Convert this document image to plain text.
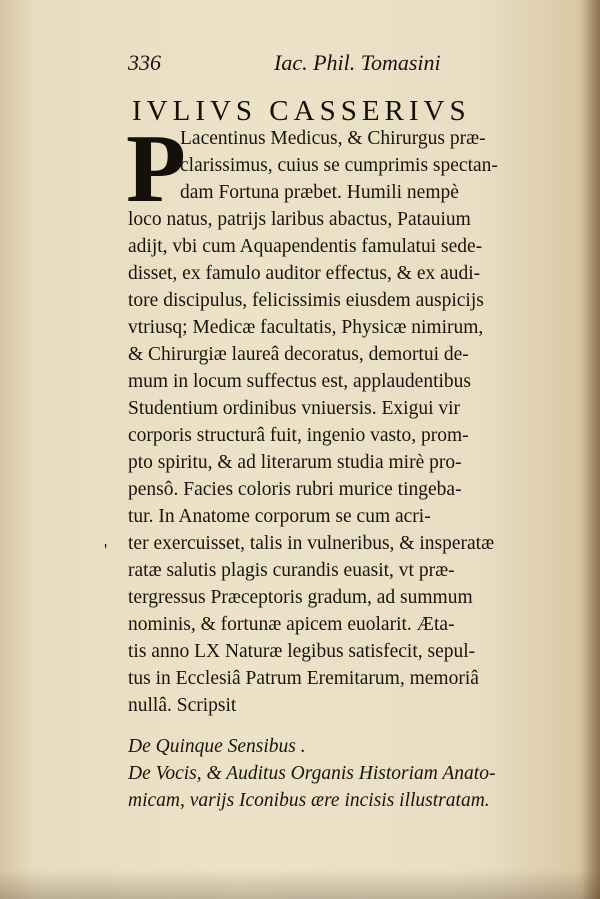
336	Iac. Phil. Tomasini
IVLIVS CASSERIVS
P
'
Lacentinus Medicus, & Chirurgus præ-
clarissimus, cuius se cumprimis spectan-
dam Fortuna præbet. Humili nempè
loco natus, patrijs laribus abactus, Patauium
adijt, vbi cum Aquapendentis famulatui sede-
disset, ex famulo auditor effectus, & ex audi-
tore discipulus, felicissimis eiusdem auspicijs
vtriusq; Medicæ facultatis, Physicæ nimirum,
& Chirurgiæ laureâ decoratus, demortui de-
mum in locum suffectus est, applaudentibus
Studentium ordinibus vniuersis. Exigui vir
corporis structurâ fuit, ingenio vasto, prom-
pto spiritu, & ad literarum studia mirè pro-
pensô. Facies coloris rubri murice tingeba-
tur. In Anatome corporum se cum acri-
ter exercuisset, talis in vulneribus, & insperatæ
ratæ salutis plagis curandis euasit, vt præ-
tergressus Præceptoris gradum, ad summum
nominis, & fortunæ apicem euolarit. Æta-
tis anno LX Naturæ legibus satisfecit, sepul-
tus in Ecclesiâ Patrum Eremitarum, memoriâ
nullâ. Scripsit
De Quinque Sensibus .
De Vocis, & Auditus Organis Historiam Anato-
micam, varijs Iconibus ære incisis illustratam.
